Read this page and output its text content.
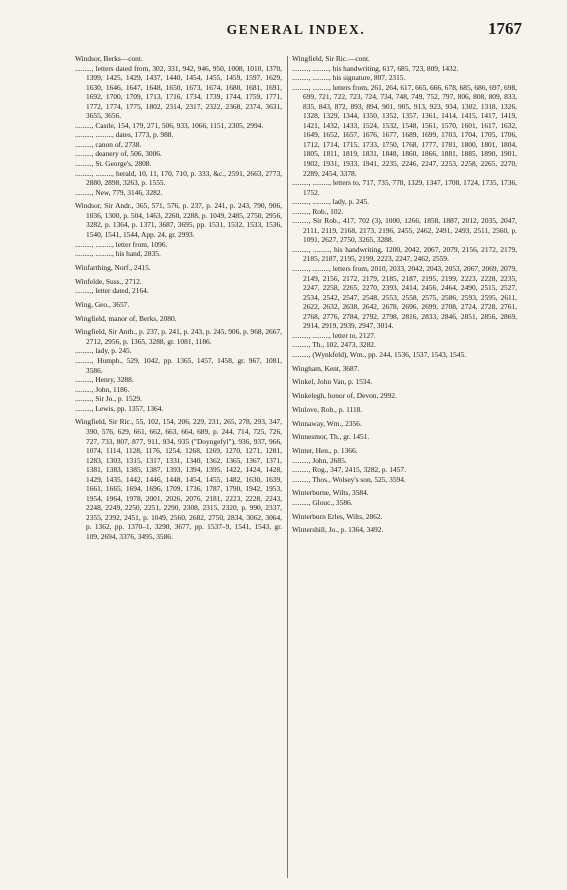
GENERAL INDEX.	1767

Windsor, Berks—cont.

........., letters dated from, 302, 331, 942, 946, 950, 1008, 1010, 1370, 1399, 1425, 1429, 1437, 1440, 1454, 1455, 1459, 1597, 1629, 1630, 1646, 1647, 1648, 1650, 1673, 1674, 1680, 1681, 1691, 1692, 1700, 1709, 1713, 1716, 1734, 1739, 1744, 1759, 1771, 1772, 1774, 1775, 1802, 2314, 2317, 2322, 2368, 2374, 3631, 3655, 3656.

........., Castle, 154, 179, 271, 506, 933, 1066, 1151, 2305, 2994.

........., ........., dates, 1773, p. 988.

........., canon of, 2738.

........., deanery of, 506, 3006.

........., St. George's, 2808.

........., ........., herald, 10, 11, 170, 710, p. 333, &c., 2591, 2663, 2773, 2880, 2898, 3263, p. 1555.

........., New, 779, 3146, 3282.

Windsor, Sir Andr., 365, 571, 576, p. 237, p. 241, p. 243, 790, 906, 1036, 1300, p. 504, 1463, 2260, 2288, p. 1049, 2485, 2750, 2956, 3282, p. 1364, p. 1371, 3687, 3695, pp. 1531, 1532, 1533, 1536, 1540, 1541, 1544, App. 24, gr. 2993.

........., ........., letter from, 1096.

........., ........., his hand, 2835.

Winfarthing, Norf., 2415.

Winfelde, Suss., 2712.

........., letter dated, 2164.

Wing, Geo., 3657.

Wingfield, manor of, Berks, 2080.

Wingfield, Sir Anth., p. 237, p. 241, p. 243, p. 245, 906, p. 968, 2667, 2712, 2956, p. 1365, 3288, gr. 1081, 1186.

........., lady, p. 245.

........., Humph., 529, 1042, pp. 1365, 1457, 1458, gr. 967, 1081, 3586.

........., Henry, 3288.

........., John, 1186.

........., Sir Jo., p. 1529.

........., Lewis, pp. 1357, 1364.

Wingfield, Sir Ric., 55, 102, 154, 206, 229, 231, 265, 278, 293, 347, 390, 576, 629, 661, 662, 663, 664, 689, p. 244, 714, 725, 726, 727, 733, 807, 877, 911, 934, 935 ("Doyngefyl"), 936, 937, 966, 1074, 1114, 1128, 1176, 1254, 1268, 1269, 1270, 1271, 1281, 1283, 1303, 1315, 1317, 1331, 1340, 1362, 1365, 1367, 1371, 1381, 1383, 1385, 1387, 1393, 1394, 1395, 1422, 1424, 1428, 1429, 1435, 1442, 1446, 1448, 1454, 1455, 1482, 1630, 1639, 1661, 1665, 1694, 1696, 1709, 1736, 1787, 1790, 1942, 1953, 1954, 1964, 1978, 2001, 2026, 2076, 2181, 2223, 2228, 2243, 2248, 2249, 2250, 2251, 2290, 2308, 2315, 2320, p. 990, 2337, 2355, 2392, 2451, p. 1049, 2560, 2682, 2750, 2834, 3062, 3064, p. 1362, pp. 1370–1, 3290, 3677, pp. 1537–9, 1541, 1543, gr. 109, 2694, 3376, 3495, 3586.

Wingfield, Sir Ric.—cont.

........., ........., his handwriting, 617, 685, 723, 809, 1432.

........., ........., his signature, 807, 2315.

........., ........., letters from, 261, 264, 617, 665, 666, 678, 685, 686, 697, 698, 699, 721, 722, 723, 724, 734, 748, 749, 752, 797, 806, 808, 809, 833, 835, 843, 872, 893, 894, 901, 905, 913, 923, 934, 1302, 1318, 1326, 1328, 1329, 1344, 1350, 1352, 1357, 1361, 1414, 1415, 1417, 1419, 1421, 1432, 1433, 1524, 1532, 1548, 1561, 1570, 1601, 1617, 1632, 1649, 1652, 1657, 1676, 1677, 1689, 1699, 1703, 1704, 1705, 1706, 1712, 1714, 1715, 1733, 1750, 1768, 1777, 1781, 1800, 1801, 1804, 1805, 1811, 1819, 1831, 1848, 1860, 1866, 1881, 1885, 1890, 1901, 1902, 1931, 1933, 1941, 2235, 2246, 2247, 2253, 2258, 2265, 2270, 2289, 2454, 3378.

........., ........., letters to, 717, 735, 778, 1329, 1347, 1708, 1724, 1735, 1736, 1752.

........., ........., lady, p. 245.

........., Rob., 102.

........., Sir Rob., 417, 702 (3), 1000, 1266, 1858, 1887, 2012, 2035, 2047, 2111, 2119, 2168, 2173, 2196, 2455, 2462, 2491, 2493, 2511, 2560, p. 1091, 2627, 2750, 3265, 3288.

........., ........., his handwriting, 1200, 2042, 2067, 2079, 2156, 2172, 2179, 2185, 2187, 2195, 2199, 2223, 2247, 2462, 2559.

........., ........., letters from, 2010, 2033, 2042, 2043, 2053, 2067, 2069, 2079, 2149, 2156, 2172, 2179, 2185, 2187, 2195, 2199, 2223, 2228, 2235, 2247, 2258, 2265, 2270, 2393, 2414, 2456, 2464, 2490, 2515, 2527, 2534, 2542, 2547, 2548, 2553, 2558, 2575, 2586, 2593, 2595, 2611, 2622, 2632, 2638, 2642, 2678, 2696, 2699, 2708, 2724, 2728, 2761, 2768, 2776, 2784, 2792, 2798, 2816, 2833, 2846, 2851, 2856, 2869, 2914, 2919, 2939, 2947, 3014.

........., ........., letter to, 2127.

........., Th., 102, 2473, 3282.

........., (Wynkfeld), Wm., pp. 244, 1536, 1537, 1543, 1545.

Wingham, Kent, 3687.

Winkel, John Van, p. 1534.

Winkelegh, honor of, Devon, 2992.

Winlove, Rob., p. 1118.

Winnaway, Wm., 2356.

Winnesmor, Th., gr. 1451.

Winter, Hen., p. 1366.

........., John, 2685.

........., Rog., 347, 2415, 3282, p. 1457.

........., Thos., Wolsey's son, 525, 3594.

Winterburne, Wilts, 3584.

........., Glouc., 3586.

Winterburn Erles, Wilts, 2862.

Wintershill, Jo., p. 1364, 3492.
